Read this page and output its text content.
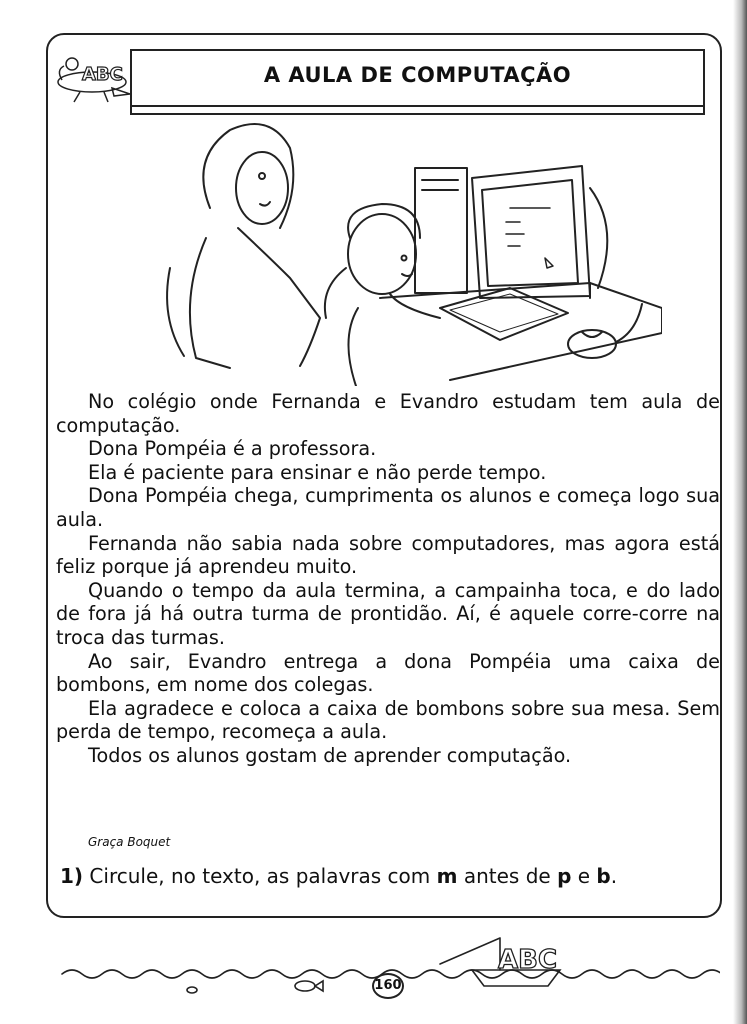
ABC	A AULA DE COMPUTAÇÃO

No colégio onde Fernanda e Evandro estudam tem aula de computação.

Dona Pompéia é a professora.

Ela é paciente para ensinar e não perde tempo.

Dona Pompéia chega, cumprimenta os alunos e começa logo sua aula.

Fernanda não sabia nada sobre computadores, mas agora está feliz porque já aprendeu muito.

Quando o tempo da aula termina, a campainha toca, e do lado de fora já há outra turma de prontidão. Aí, é aquele corre-corre na troca das turmas.

Ao sair, Evandro entrega a dona Pompéia uma caixa de bombons, em nome dos colegas.

Ela agradece e coloca a caixa de bombons sobre sua mesa. Sem perda de tempo, recomeça a aula.

Todos os alunos gostam de aprender computação.

Graça Boquet
1) Circule, no texto, as palavras com m antes de p e b.
ABC
160
